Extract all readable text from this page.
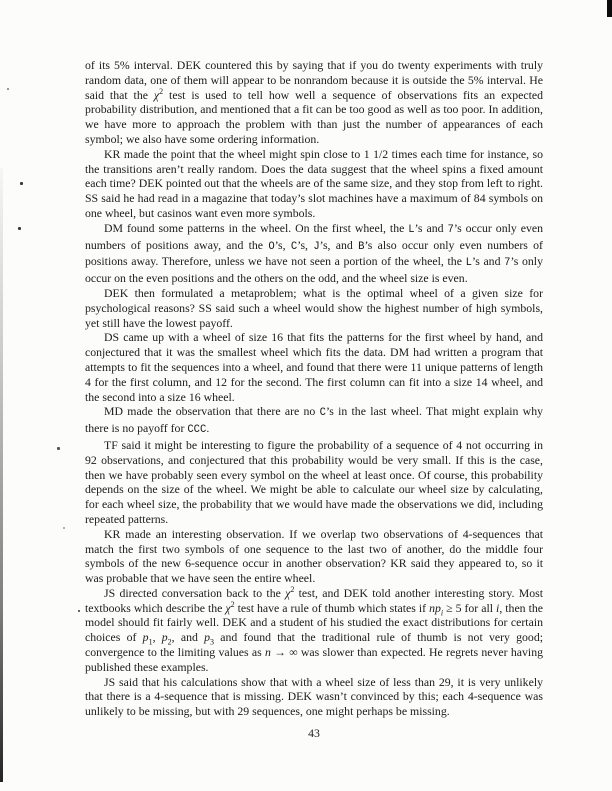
of its 5% interval. DEK countered this by saying that if you do twenty experiments with truly random data, one of them will appear to be nonrandom because it is outside the 5% interval. He said that the $\chi^2$ test is used to tell how well a sequence of observations fits an expected probability distribution, and mentioned that a fit can be too good as well as too poor. In addition, we have more to approach the problem with than just the number of appearances of each symbol; we also have some ordering information.

KR made the point that the wheel might spin close to 1 1/2 times each time for instance, so the transitions aren’t really random. Does the data suggest that the wheel spins a fixed amount each time? DEK pointed out that the wheels are of the same size, and they stop from left to right. SS said he had read in a magazine that today’s slot machines have a maximum of 84 symbols on one wheel, but casinos want even more symbols.

DM found some patterns in the wheel. On the first wheel, the L’s and 7’s occur only even numbers of positions away, and the O’s, C’s, J’s, and B’s also occur only even numbers of positions away. Therefore, unless we have not seen a portion of the wheel, the L’s and 7’s only occur on the even positions and the others on the odd, and the wheel size is even.

DEK then formulated a metaproblem; what is the optimal wheel of a given size for psychological reasons? SS said such a wheel would show the highest number of high symbols, yet still have the lowest payoff.

DS came up with a wheel of size 16 that fits the patterns for the first wheel by hand, and conjectured that it was the smallest wheel which fits the data. DM had written a program that attempts to fit the sequences into a wheel, and found that there were 11 unique patterns of length 4 for the first column, and 12 for the second. The first column can fit into a size 14 wheel, and the second into a size 16 wheel.

MD made the observation that there are no C’s in the last wheel. That might explain why there is no payoff for CCC.

TF said it might be interesting to figure the probability of a sequence of 4 not occurring in 92 observations, and conjectured that this probability would be very small. If this is the case, then we have probably seen every symbol on the wheel at least once. Of course, this probability depends on the size of the wheel. We might be able to calculate our wheel size by calculating, for each wheel size, the probability that we would have made the observations we did, including repeated patterns.

KR made an interesting observation. If we overlap two observations of 4-sequences that match the first two symbols of one sequence to the last two of another, do the middle four symbols of the new 6-sequence occur in another observation? KR said they appeared to, so it was probable that we have seen the entire wheel.

JS directed conversation back to the $\chi^2$ test, and DEK told another interesting story. Most textbooks which describe the $\chi^2$ test have a rule of thumb which states if $np_i \ge 5$ for all i, then the model should fit fairly well. DEK and a student of his studied the exact distributions for certain choices of $p_1$, $p_2$, and $p_3$ and found that the traditional rule of thumb is not very good; convergence to the limiting values as n → ∞ was slower than expected. He regrets never having published these examples.

JS said that his calculations show that with a wheel size of less than 29, it is very unlikely that there is a 4-sequence that is missing. DEK wasn’t convinced by this; each 4-sequence was unlikely to be missing, but with 29 sequences, one might perhaps be missing.

43
